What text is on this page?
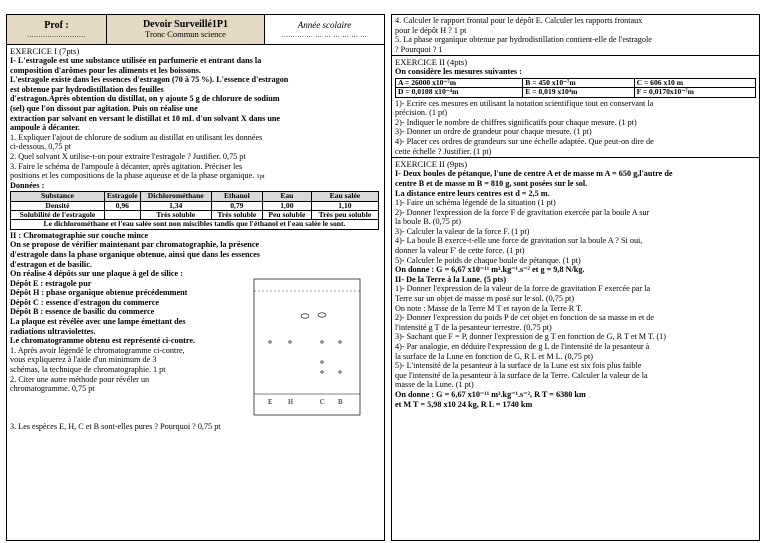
Prof :
..........................
Devoir Surveillé1P1
Tronc Commun science
Année scolaire
...... ... ... ... ... ... ... ... ...
EXERCICE I (7pts)
I- L'estragole est une substance utilisée en parfumerie et entrant dans la
composition d'arômes pour les aliments et les boissons.
L'estragole existe dans les essences d'estragon (70 à 75 %). L'essence d'estragon
est obtenue par hydrodistillation des feuilles
d'estragon.Après obtention du distillat, on y ajoute 5 g de chlorure de sodium
(sel) que l'on dissout par agitation. Puis on réalise une
extraction par solvant en versant le distillat et 10 mL d'un solvant X dans une
ampoule à décanter.
1. Expliquer l'ajout de chlorure de sodium au distillat en utilisant les données
ci-dessous. 0,75 pt
2. Quel solvant X utilise-t-on pour extraire l'estragole ? Justifier. 0,75 pt
3. Faire le schéma de l'ampoule à décanter, après agitation. Préciser les
positions et les compositions de la phase aqueuse et de la phase organique. 1pt
Données :
Substance	Estragole	Dichlorométhane	Ethanol	Eau	Eau salée
Densité	0,96	1,34	0,79	1,00	1,10
Solubilité de l'estragole		Très soluble	Très soluble	Peu soluble	Très peu soluble
Le dichlorométhane et l'eau salée sont non miscibles tandis que l'éthanol et l'eau salée le sont.					
II : Chromatographie sur couche mince
On se propose de vérifier maintenant par chromatographie, la présence
d'estragole dans la phase organique obtenue, ainsi que dans les essences
d'estragon et de basilic.
On réalise 4 dépôts sur une plaque à gel de silice :
Dépôt E : estragole pur
Dépôt H : phase organique obtenue précédemment
Dépôt C : essence d'estragon du commerce
Dépôt B : essence de basilic du commerce
La plaque est révélée avec une lampe émettant des
radiations ultraviolettes.
Le chromatogramme obtenu est représenté ci-contre.
1. Après avoir légendé le chromatogramme ci-contre,
vous expliquerez à l'aide d'un minimum de 3
schémas, la technique de chromatographie. 1 pt
2. Citer une autre méthode pour révéler un
chromatogramme. 0,75 pt
E H	C B
3. Les espèces E, H, C et B sont-elles pures ? Pourquoi ? 0,75 pt
4. Calculer le rapport frontal pour le dépôt E. Calculer les rapports frontaux
pour le dépôt H ? 1 pt
5. La phase organique obtenue par hydrodistillation contient-elle de l'estragole
? Pourquoi ? 1
EXERCICE II (4pts)
On considère les mesures suivantes :
A = 26000 x10⁻⁷m	B = 450 x10⁻⁷m	C = 606 x10 m
D = 0,0108 x10⁻⁴m	E = 0,019 x10⁴m	F = 0,0170x10⁻⁷m
1)- Ecrire ces mesures en utilisant la notation scientifique tout en conservant la
précision. (1 pt)
2)- Indiquer le nombre de chiffres significatifs pour chaque mesure. (1 pt)
3)- Donner un ordre de grandeur pour chaque mesure. (1 pt)
4)- Placer ces ordres de grandeurs sur une échelle adaptée. Que peut-on dire de
cette échelle ? Justifier. (1 pt)
EXERCICE II (9pts)
I- Deux boules de pétanque, l'une de centre A et de masse m A = 650 g,l'autre de
centre B et de masse m B = 810 g, sont posées sur le sol.
La distance entre leurs centres est d = 2,5 m.
1)- Faire un schéma légendé de la situation (1 pt)
2)- Donner l'expression de la force F de gravitation exercée par la boule A sur
la boule B. (0,75 pt)
3)- Calculer la valeur de la force F. (1 pt)
4)- La boule B exerce-t-elle une force de gravitation sur la boule A ? Si oui,
donner la valeur F' de cette force. (1 pt)
5)- Calculer le poids de chaque boule de pétanque. (1 pt)
On donne : G = 6,67 x10⁻¹¹ m³.kg⁻¹.s⁻² et g = 9,8 N/kg.
II- De la Terre à la Lune. (5 pts)
1)- Donner l'expression de la valeur de la force de gravitation F exercée par la
Terre sur un objet de masse m posé sur le sol. (0,75 pt)
On note : Masse de la Terre M T et rayon de la Terre R T.
2)- Donner l'expression du poids P de cet objet en fonction de sa masse m et de
l'intensité g T de la pesanteur terrestre. (0,75 pt)
3)- Sachant que F = P, donner l'expression de g T en fonction de G, R T et M T. (1)
4)- Par analogie, en déduire l'expression de g L de l'intensité de la pesanteur à
la surface de la Lune en fonction de G, R L et M L. (0,75 pt)
5)- L'intensité de la pesanteur à la surface de la Lune est six fois plus faible
que l'intensité de la pesanteur à la surface de la Terre. Calculer la valeur de la
masse de la Lune. (1 pt)
On donne : G = 6,67 x10⁻¹¹ m³.kg⁻¹.s⁻², R T = 6380 km
et M T = 5,98 x10 24 kg, R L = 1740 km
